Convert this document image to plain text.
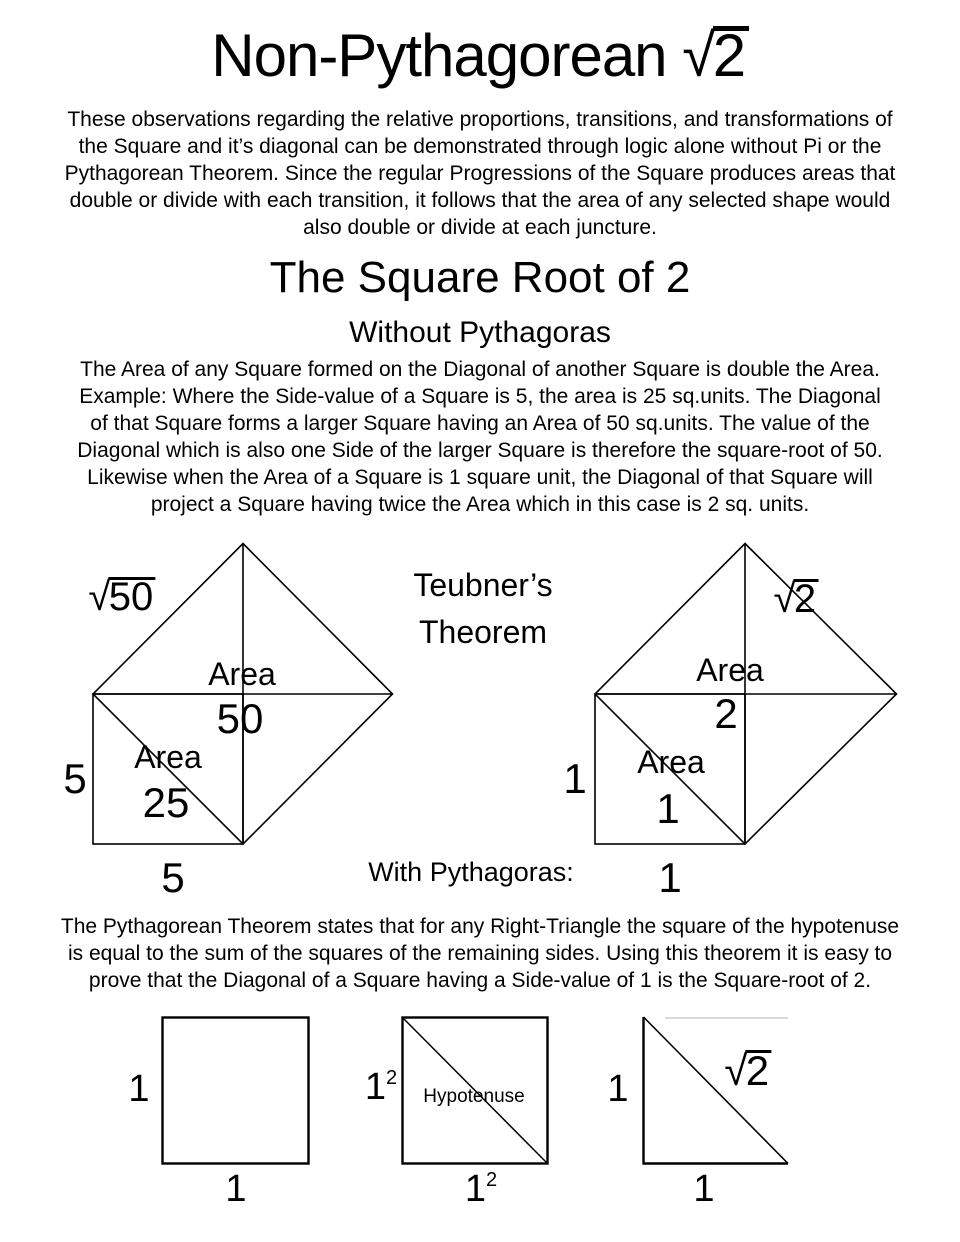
Non-Pythagorean √2
These observations regarding the relative proportions, transitions, and transformations of
the Square and it’s diagonal can be demonstrated through logic alone without Pi or the
Pythagorean Theorem. Since the regular Progressions of the Square produces areas that
double or divide with each transition, it follows that the area of any selected shape would
also double or divide at each juncture.
The Square Root of 2
Without Pythagoras
The Area of any Square formed on the Diagonal of another Square is double the Area.
Example: Where the Side-value of a Square is 5, the area is 25 sq.units. The Diagonal
of that Square forms a larger Square having an Area of 50 sq.units. The value of the
Diagonal which is also one Side of the larger Square is therefore the square-root of 50.
Likewise when the Area of a Square is 1 square unit, the Diagonal of that Square will
project a Square having twice the Area which in this case is 2 sq. units.
Teubner’s
Theorem
√50
Area
50
Area
25
5
5
√2
Area
2
Area
1
1
1
With Pythagoras:
The Pythagorean Theorem states that for any Right-Triangle the square of the hypotenuse
is equal to the sum of the squares of the remaining sides. Using this theorem it is easy to
prove that the Diagonal of a Square having a Side-value of 1 is the Square-root of 2.
1
1
$1^2$
Hypotenuse
$1^2$
1 √2
1
